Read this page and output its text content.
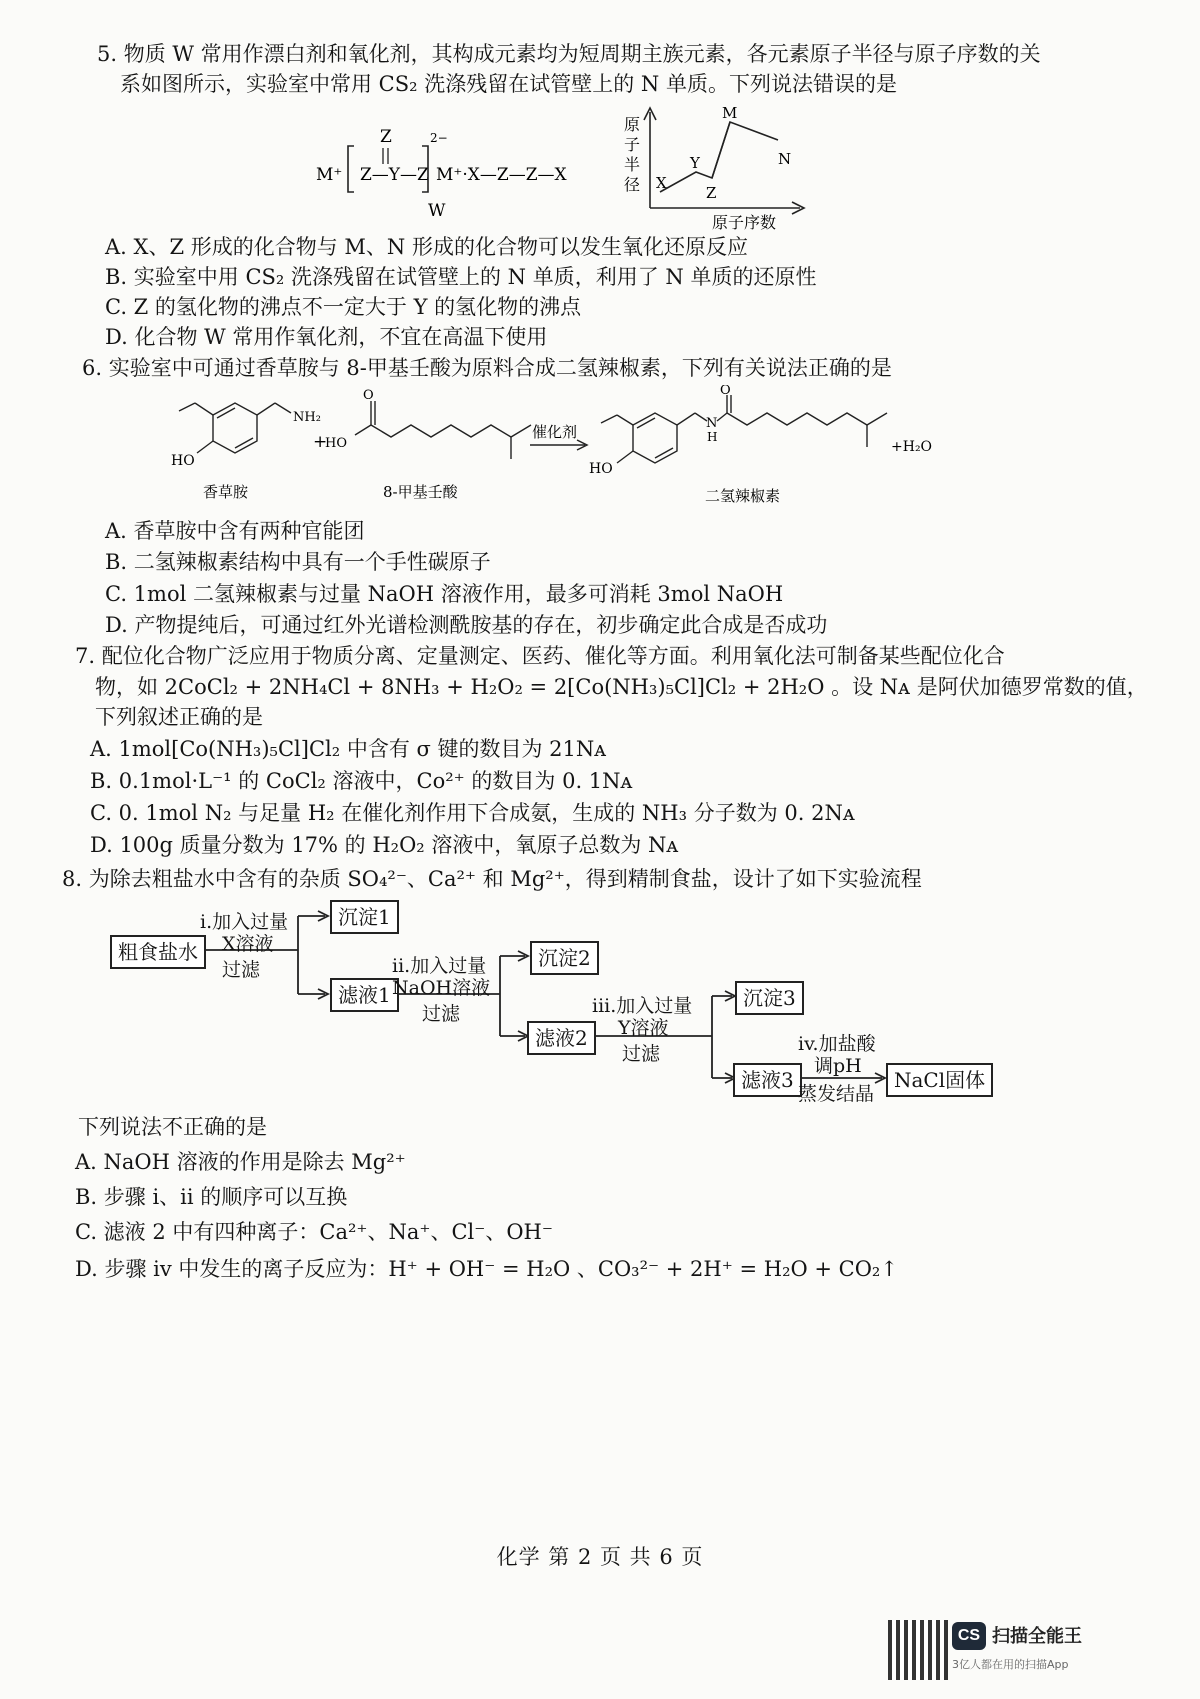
5. 物质 W 常用作漂白剂和氧化剂，其构成元素均为短周期主族元素，各元素原子半径与原子序数的关
系如图所示，实验室中常用 CS₂ 洗涤残留在试管壁上的 N 单质。下列说法错误的是
M⁺ Z—Y—Z
Z	2−
M⁺·X—Z—Z—X
W
原
子
半
径 X
Y
Z
M
N
原子序数
A. X、Z 形成的化合物与 M、N 形成的化合物可以发生氧化还原反应
B. 实验室中用 CS₂ 洗涤残留在试管壁上的 N 单质，利用了 N 单质的还原性
C. Z 的氢化物的沸点不一定大于 Y 的氢化物的沸点
D. 化合物 W 常用作氧化剂，不宜在高温下使用
6. 实验室中可通过香草胺与 8-甲基壬酸为原料合成二氢辣椒素，下列有关说法正确的是
HO
NH₂
+
O
HO
催化剂
HO
N
H
O
+H₂O
香草胺	8-甲基壬酸	二氢辣椒素
A. 香草胺中含有两种官能团
B. 二氢辣椒素结构中具有一个手性碳原子
C. 1mol 二氢辣椒素与过量 NaOH 溶液作用，最多可消耗 3mol NaOH
D. 产物提纯后，可通过红外光谱检测酰胺基的存在，初步确定此合成是否成功
7. 配位化合物广泛应用于物质分离、定量测定、医药、催化等方面。利用氧化法可制备某些配位化合
物，如 2CoCl₂ + 2NH₄Cl + 8NH₃ + H₂O₂ = 2[Co(NH₃)₅Cl]Cl₂ + 2H₂O 。设 Nᴀ 是阿伏加德罗常数的值，
下列叙述正确的是
A. 1mol[Co(NH₃)₅Cl]Cl₂ 中含有 σ 键的数目为 21Nᴀ
B. 0.1mol·L⁻¹ 的 CoCl₂ 溶液中，Co²⁺ 的数目为 0. 1Nᴀ
C. 0. 1mol N₂ 与足量 H₂ 在催化剂作用下合成氨，生成的 NH₃ 分子数为 0. 2Nᴀ
D. 100g 质量分数为 17% 的 H₂O₂ 溶液中，氧原子总数为 Nᴀ
8. 为除去粗盐水中含有的杂质 SO₄²⁻、Ca²⁺ 和 Mg²⁺，得到精制食盐，设计了如下实验流程
粗食盐水
i.加入过量
X溶液
过滤
沉淀1
滤液1
ii.加入过量
NaOH溶液
过滤
沉淀2
滤液2
iii.加入过量
Y溶液
过滤
沉淀3
滤液3
iv.加盐酸
调pH
蒸发结晶
NaCl固体
下列说法不正确的是
A. NaOH 溶液的作用是除去 Mg²⁺
B. 步骤 i、ii 的顺序可以互换
C. 滤液 2 中有四种离子：Ca²⁺、Na⁺、Cl⁻、OH⁻
D. 步骤 iv 中发生的离子反应为：H⁺ + OH⁻ = H₂O 、CO₃²⁻ + 2H⁺ = H₂O + CO₂↑
化学 第 2 页 共 6 页
CS 扫描全能王
3亿人都在用的扫描App
